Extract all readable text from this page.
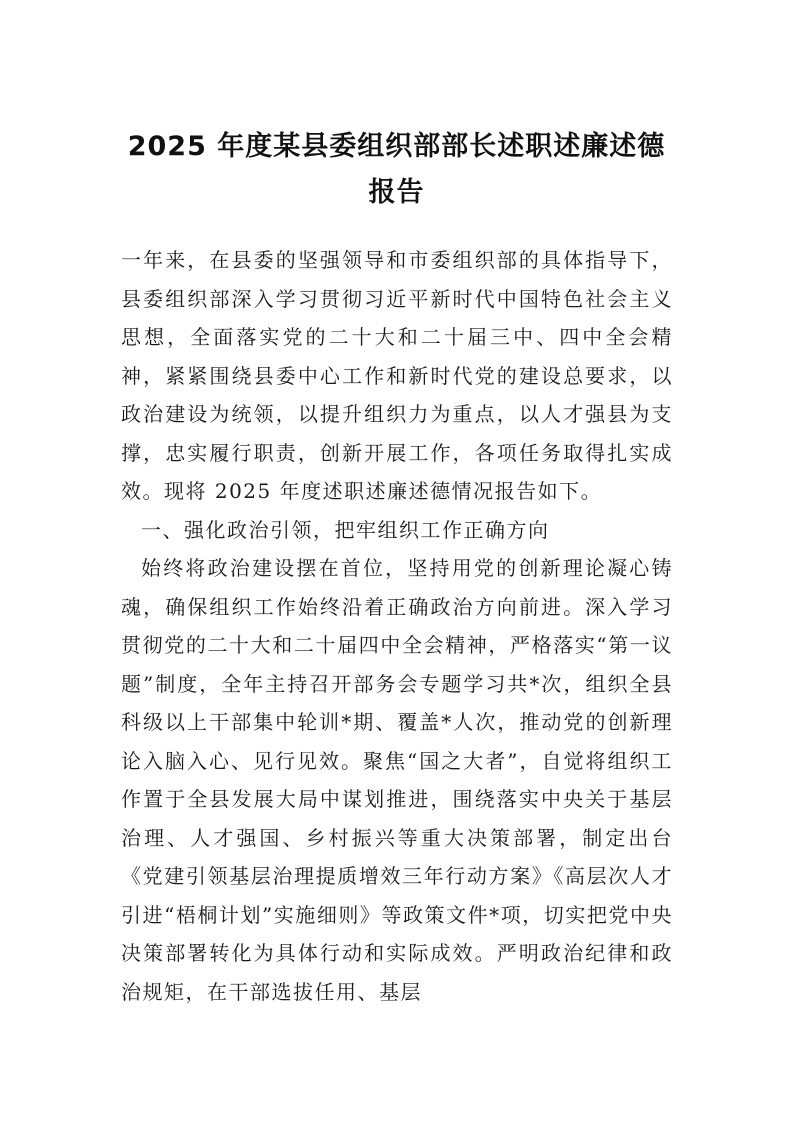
2025 年度某县委组织部部长述职述廉述德
报告

一年来，在县委的坚强领导和市委组织部的具体指导下，县委组织部深入学习贯彻习近平新时代中国特色社会主义思想，全面落实党的二十大和二十届三中、四中全会精神，紧紧围绕县委中心工作和新时代党的建设总要求，以政治建设为统领，以提升组织力为重点，以人才强县为支撑，忠实履行职责，创新开展工作，各项任务取得扎实成效。现将 2025 年度述职述廉述德情况报告如下。

一、强化政治引领，把牢组织工作正确方向

始终将政治建设摆在首位，坚持用党的创新理论凝心铸魂，确保组织工作始终沿着正确政治方向前进。深入学习贯彻党的二十大和二十届四中全会精神，严格落实“第一议题”制度，全年主持召开部务会专题学习共*次，组织全县科级以上干部集中轮训*期、覆盖*人次，推动党的创新理论入脑入心、见行见效。聚焦“国之大者”，自觉将组织工作置于全县发展大局中谋划推进，围绕落实中央关于基层治理、人才强国、乡村振兴等重大决策部署，制定出台《党建引领基层治理提质增效三年行动方案》《高层次人才引进“梧桐计划”实施细则》等政策文件*项，切实把党中央决策部署转化为具体行动和实际成效。严明政治纪律和政治规矩，在干部选拔任用、基层
